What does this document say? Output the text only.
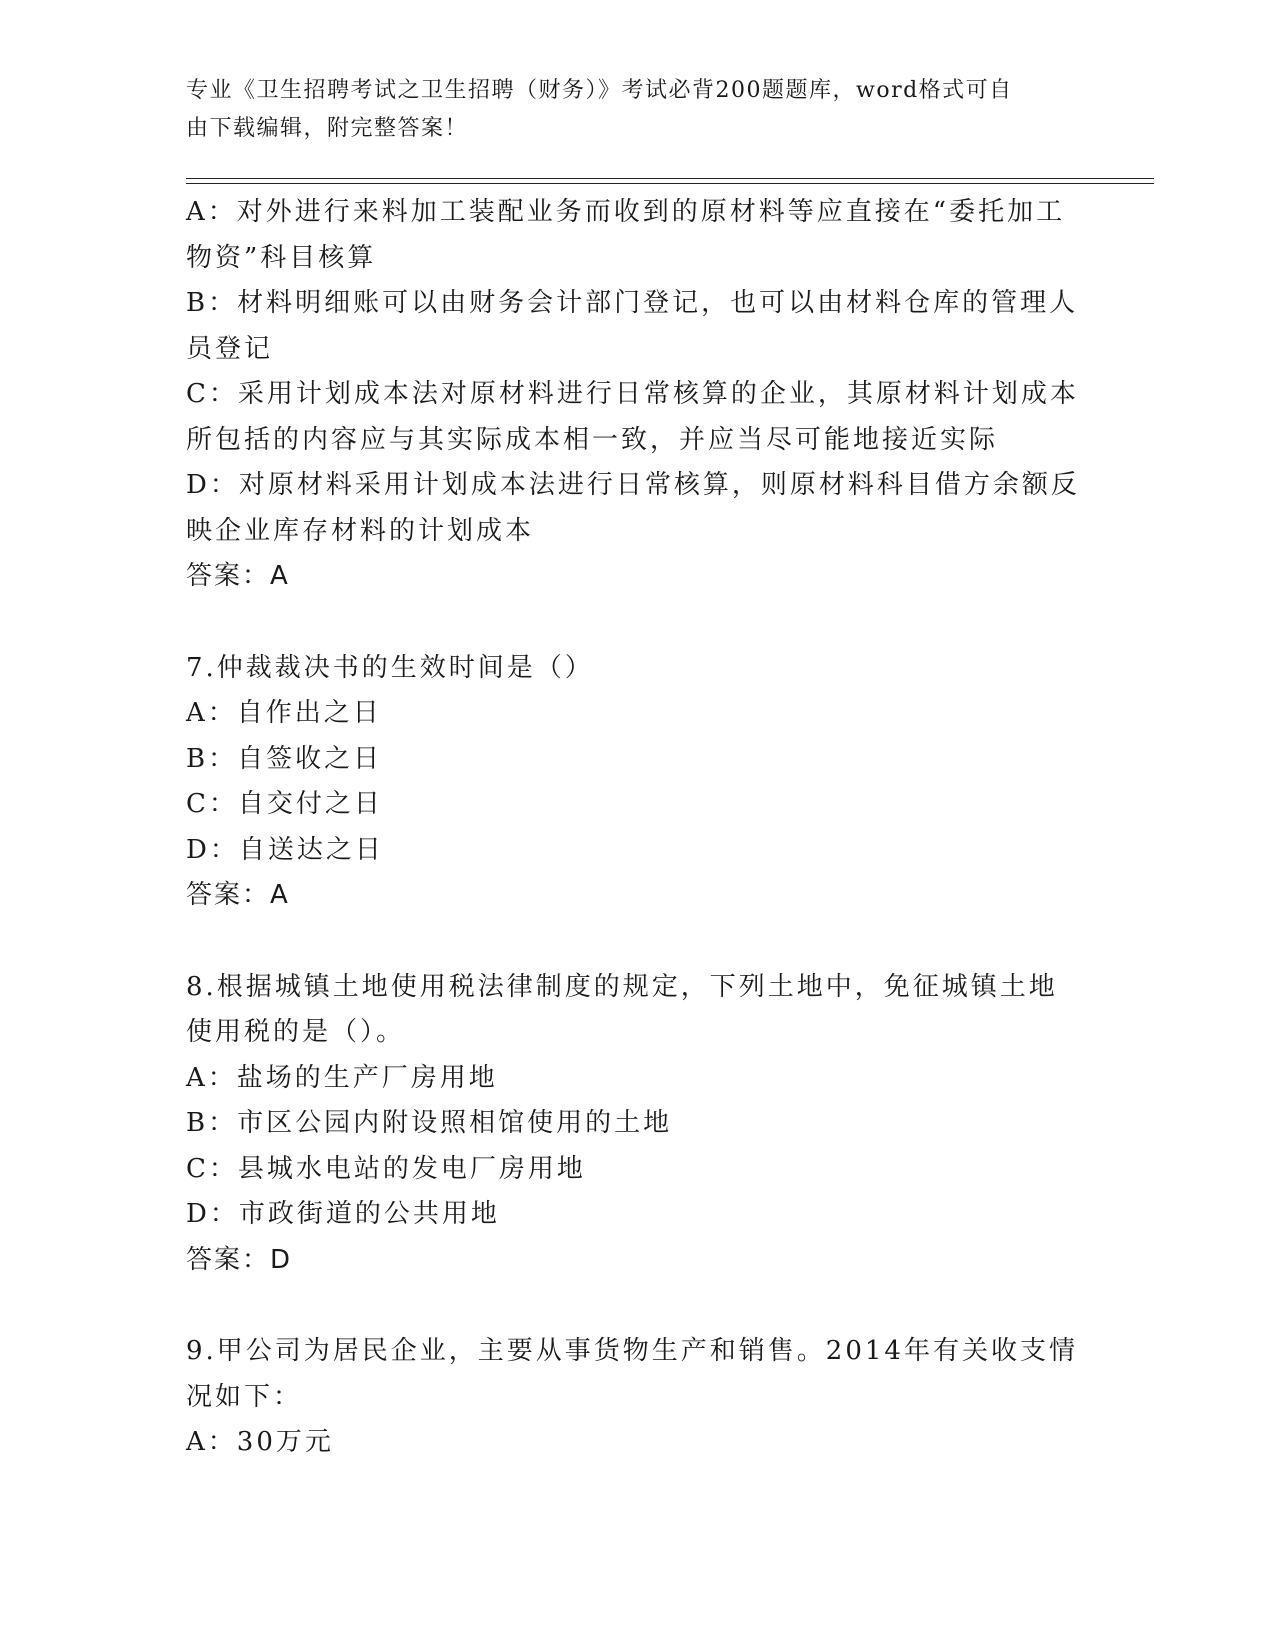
专业《卫生招聘考试之卫生招聘（财务）》考试必背200题题库，word格式可自
由下载编辑，附完整答案！
A：对外进行来料加工装配业务而收到的原材料等应直接在“委托加工
物资”科目核算
B：材料明细账可以由财务会计部门登记，也可以由材料仓库的管理人
员登记
C：采用计划成本法对原材料进行日常核算的企业，其原材料计划成本
所包括的内容应与其实际成本相一致，并应当尽可能地接近实际
D：对原材料采用计划成本法进行日常核算，则原材料科目借方余额反
映企业库存材料的计划成本
答案：A
7.仲裁裁决书的生效时间是（）
A：自作出之日
B：自签收之日
C：自交付之日
D：自送达之日
答案：A
8.根据城镇土地使用税法律制度的规定，下列土地中，免征城镇土地
使用税的是（）。
A：盐场的生产厂房用地
B：市区公园内附设照相馆使用的土地
C：县城水电站的发电厂房用地
D：市政街道的公共用地
答案：D
9.甲公司为居民企业，主要从事货物生产和销售。2014年有关收支情
况如下：
A：30万元
